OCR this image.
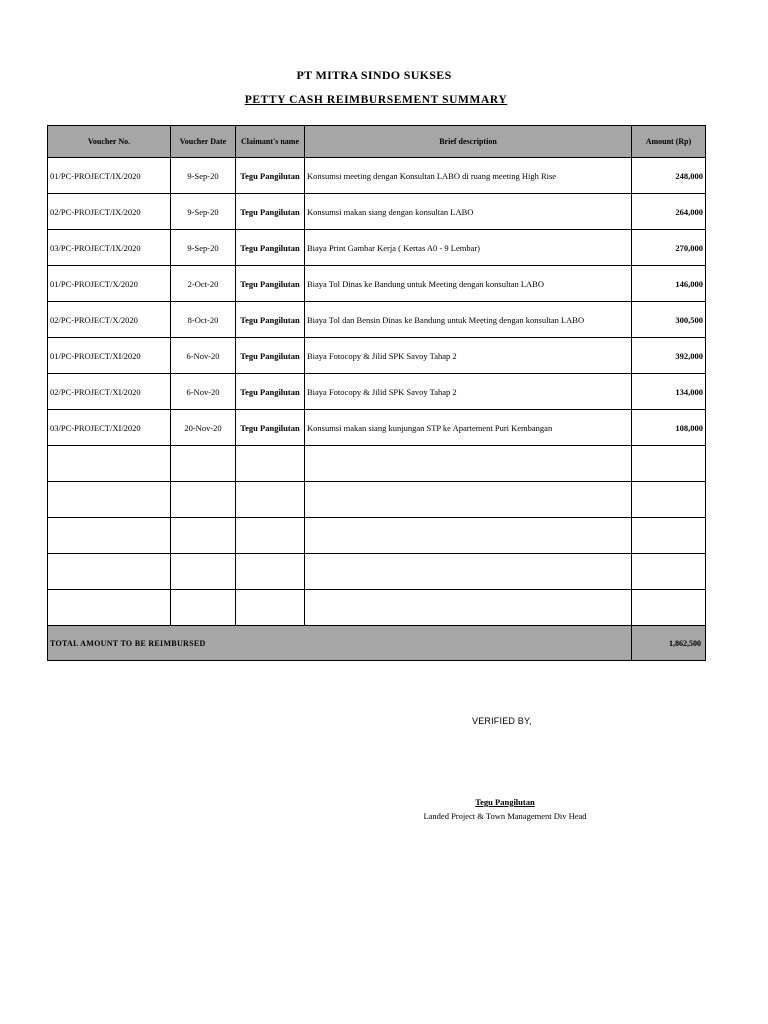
PT MITRA SINDO SUKSES
PETTY CASH REIMBURSEMENT SUMMARY
Voucher No.	Voucher Date	Claimant's name	Brief description	Amount (Rp)
01/PC-PROJECT/IX/2020	9-Sep-20	Tegu Pangilutan	Konsumsi meeting dengan Konsultan LABO di ruang meeting High Rise	248,000
02/PC-PROJECT/IX/2020	9-Sep-20	Tegu Pangilutan	Konsumsi makan siang dengan konsultan LABO	264,000
03/PC-PROJECT/IX/2020	9-Sep-20	Tegu Pangilutan	Biaya Print Gambar Kerja ( Kertas A0 - 9 Lembar)	270,000
01/PC-PROJECT/X/2020	2-Oct-20	Tegu Pangilutan	Biaya Tol Dinas ke Bandung untuk Meeting dengan konsultan LABO	146,000
02/PC-PROJECT/X/2020	8-Oct-20	Tegu Pangilutan	Biaya Tol dan Bensin Dinas ke Bandung untuk Meeting dengan konsultan LABO	300,500
01/PC-PROJECT/XI/2020	6-Nov-20	Tegu Pangilutan	Biaya Fotocopy & Jilid SPK Savoy Tahap 2	392,000
02/PC-PROJECT/XI/2020	6-Nov-20	Tegu Pangilutan	Biaya Fotocopy & Jilid SPK Savoy Tahap 2	134,000
03/PC-PROJECT/XI/2020	20-Nov-20	Tegu Pangilutan	Konsumsi makan siang kunjungan STP ke Apartement Puri Kembangan	108,000

TOTAL AMOUNT TO BE REIMBURSED				1,862,500
VERIFIED BY,
Tegu Pangilutan
Landed Project & Town Management Div Head
